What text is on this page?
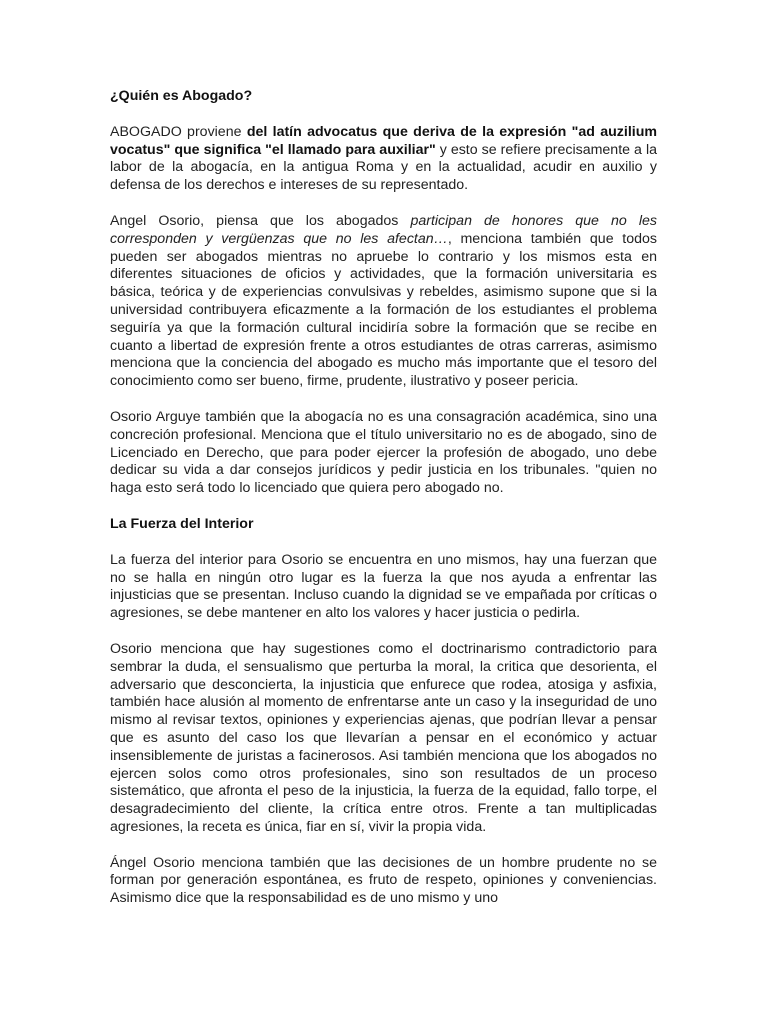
¿Quién es Abogado?

ABOGADO proviene del latín advocatus que deriva de la expresión "ad auzilium vocatus" que significa "el llamado para auxiliar" y esto se refiere precisamente a la labor de la abogacía, en la antigua Roma y en la actualidad, acudir en auxilio y defensa de los derechos e intereses de su representado.

Angel Osorio, piensa que los abogados participan de honores que no les corresponden y vergüenzas que no les afectan…, menciona también que todos pueden ser abogados mientras no apruebe lo contrario y los mismos esta en diferentes situaciones de oficios y actividades, que la formación universitaria es básica, teórica y de experiencias convulsivas y rebeldes, asimismo supone que si la universidad contribuyera eficazmente a la formación de los estudiantes el problema seguiría ya que la formación cultural incidiría sobre la formación que se recibe en cuanto a libertad de expresión frente a otros estudiantes de otras carreras, asimismo menciona que la conciencia del abogado es mucho más importante que el tesoro del conocimiento como ser bueno, firme, prudente, ilustrativo y poseer pericia.

Osorio Arguye también que la abogacía no es una consagración académica, sino una concreción profesional. Menciona que el título universitario no es de abogado, sino de Licenciado en Derecho, que para poder ejercer la profesión de abogado, uno debe dedicar su vida a dar consejos jurídicos y pedir justicia en los tribunales. "quien no haga esto será todo lo licenciado que quiera pero abogado no.

La Fuerza del Interior

La fuerza del interior para Osorio se encuentra en uno mismos, hay una fuerzan que no se halla en ningún otro lugar es la fuerza la que nos ayuda a enfrentar las injusticias que se presentan. Incluso cuando la dignidad se ve empañada por críticas o agresiones, se debe mantener en alto los valores y hacer justicia o pedirla.

Osorio menciona que hay sugestiones como el doctrinarismo contradictorio para sembrar la duda, el sensualismo que perturba la moral, la critica que desorienta, el adversario que desconcierta, la injusticia que enfurece que rodea, atosiga y asfixia, también hace alusión al momento de enfrentarse ante un caso y la inseguridad de uno mismo al revisar textos, opiniones y experiencias ajenas, que podrían llevar a pensar que es asunto del caso los que llevarían a pensar en el económico y actuar insensiblemente de juristas a facinerosos. Asi también menciona que los abogados no ejercen solos como otros profesionales, sino son resultados de un proceso sistemático, que afronta el peso de la injusticia, la fuerza de la equidad, fallo torpe, el desagradecimiento del cliente, la crítica entre otros. Frente a tan multiplicadas agresiones, la receta es única, fiar en sí, vivir la propia vida.

Ángel Osorio menciona también que las decisiones de un hombre prudente no se forman por generación espontánea, es fruto de respeto, opiniones y conveniencias. Asimismo dice que la responsabilidad es de uno mismo y uno
